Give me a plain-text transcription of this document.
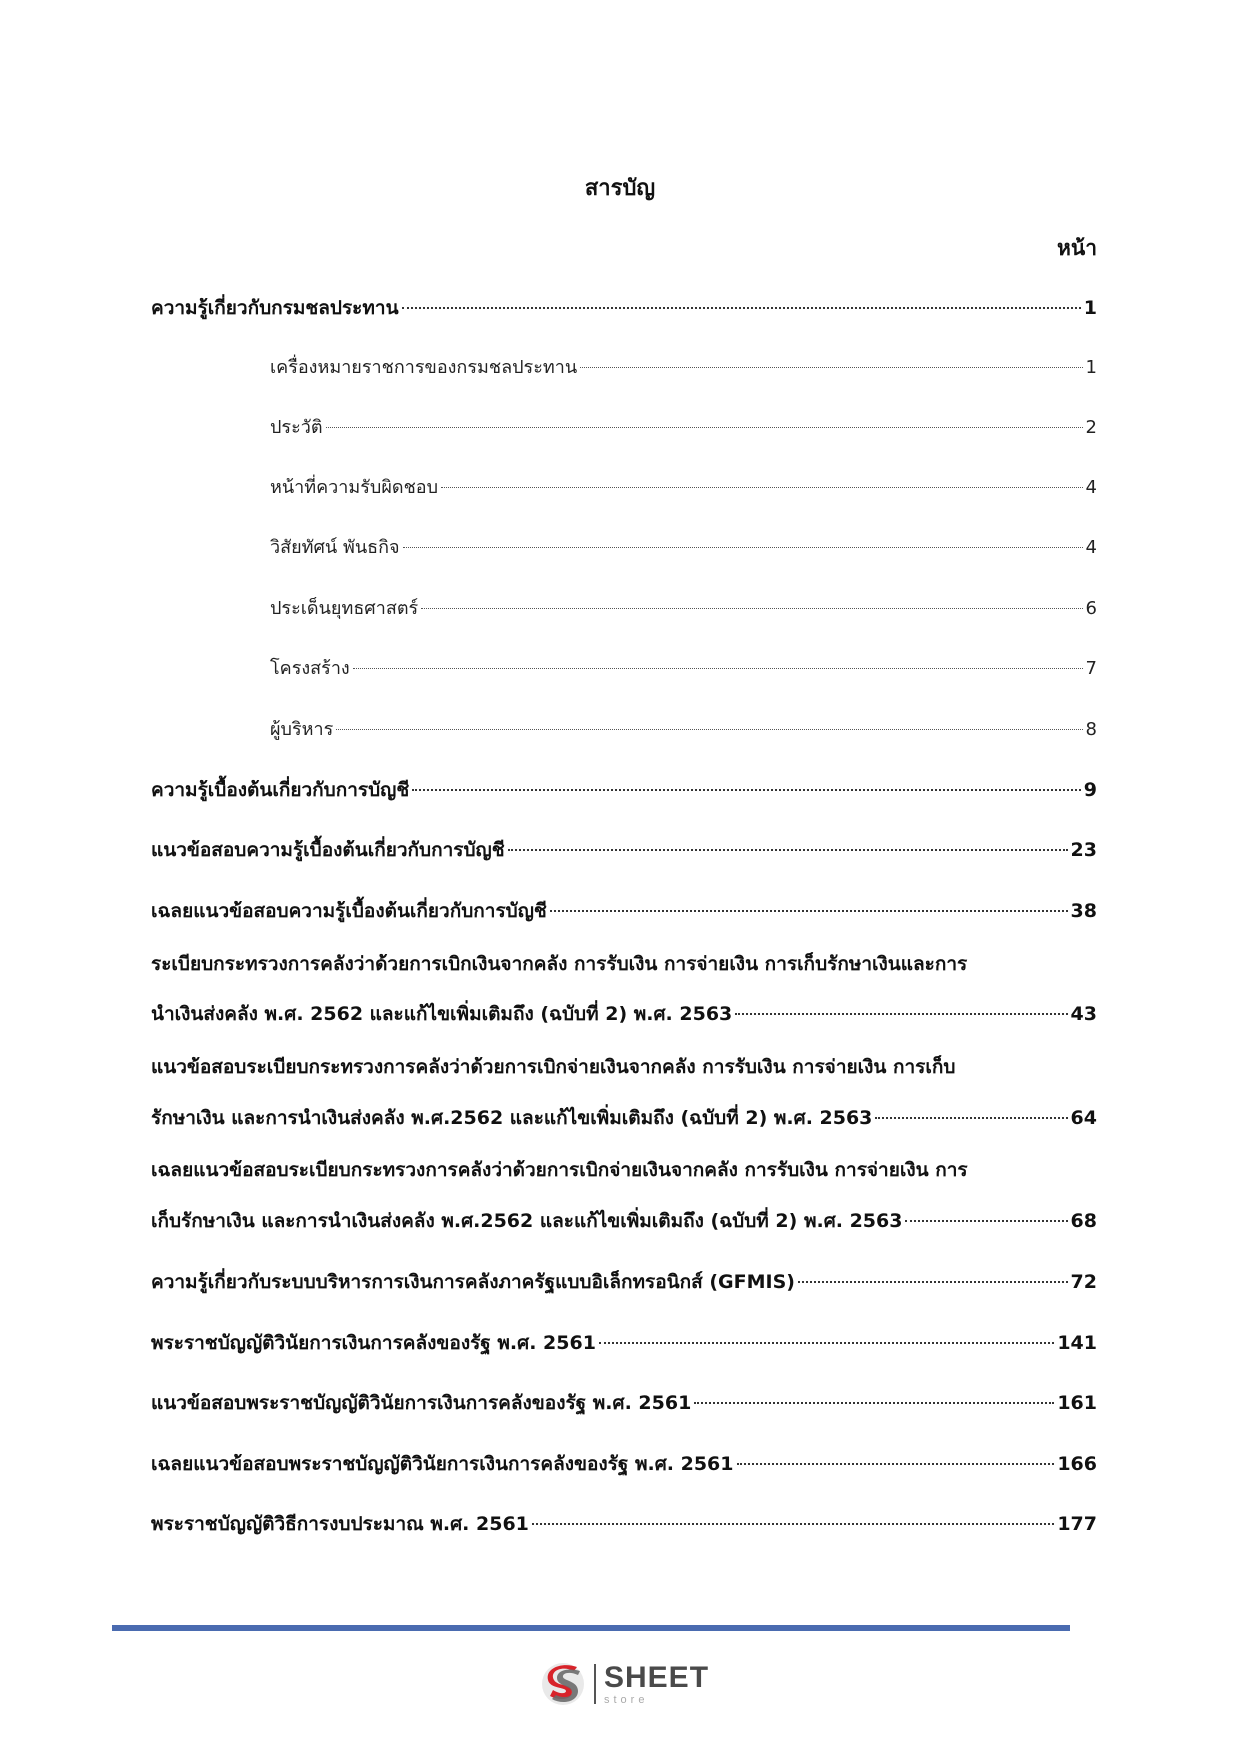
สารบัญ
หน้า
ความรู้เกี่ยวกับกรมชลประทาน	1
เครื่องหมายราชการของกรมชลประทาน	1
ประวัติ	2
หน้าที่ความรับผิดชอบ	4
วิสัยทัศน์ พันธกิจ	4
ประเด็นยุทธศาสตร์	6
โครงสร้าง	7
ผู้บริหาร	8
ความรู้เบื้องต้นเกี่ยวกับการบัญชี	9
แนวข้อสอบความรู้เบื้องต้นเกี่ยวกับการบัญชี	23
เฉลยแนวข้อสอบความรู้เบื้องต้นเกี่ยวกับการบัญชี	38
ระเบียบกระทรวงการคลังว่าด้วยการเบิกเงินจากคลัง การรับเงิน การจ่ายเงิน การเก็บรักษาเงินและการ
นำเงินส่งคลัง พ.ศ. 2562 และแก้ไขเพิ่มเติมถึง (ฉบับที่ 2) พ.ศ. 2563	43
แนวข้อสอบระเบียบกระทรวงการคลังว่าด้วยการเบิกจ่ายเงินจากคลัง การรับเงิน การจ่ายเงิน การเก็บ
รักษาเงิน และการนำเงินส่งคลัง พ.ศ.2562 และแก้ไขเพิ่มเติมถึง (ฉบับที่ 2) พ.ศ. 2563	64
เฉลยแนวข้อสอบระเบียบกระทรวงการคลังว่าด้วยการเบิกจ่ายเงินจากคลัง การรับเงิน การจ่ายเงิน การ
เก็บรักษาเงิน และการนำเงินส่งคลัง พ.ศ.2562 และแก้ไขเพิ่มเติมถึง (ฉบับที่ 2) พ.ศ. 2563	68
ความรู้เกี่ยวกับระบบบริหารการเงินการคลังภาครัฐแบบอิเล็กทรอนิกส์ (GFMIS)	72
พระราชบัญญัติวินัยการเงินการคลังของรัฐ พ.ศ. 2561	141
แนวข้อสอบพระราชบัญญัติวินัยการเงินการคลังของรัฐ พ.ศ. 2561	161
เฉลยแนวข้อสอบพระราชบัญญัติวินัยการเงินการคลังของรัฐ พ.ศ. 2561	166
พระราชบัญญัติวิธีการงบประมาณ พ.ศ. 2561	177
SHEET
store
